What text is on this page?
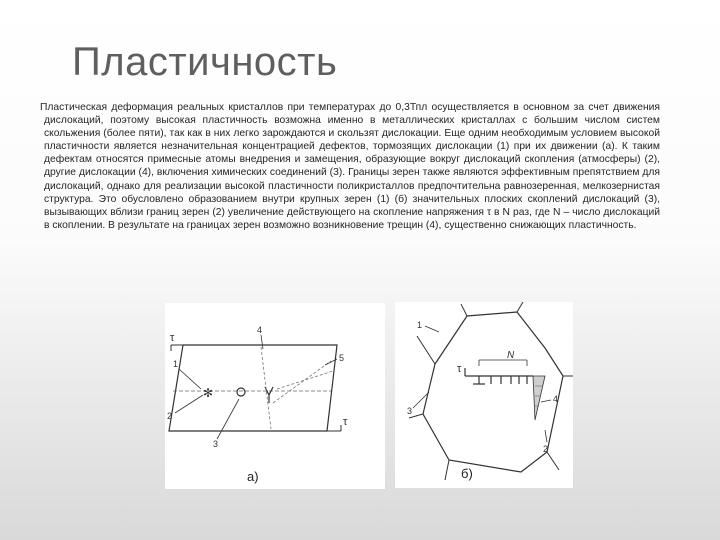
Пластичность

Пластическая деформация реальных кристаллов при температурах до 0,3Тпл осуществляется в основном за счет движения дислокаций, поэтому высокая пластичность возможна именно в металлических кристаллах с большим числом систем скольжения (более пяти), так как в них легко зарождаются и скользят дислокации. Еще одним необходимым условием высокой пластичности является незначительная концентрацией дефектов, тормозящих дислокации (1) при их движении (а). К таким дефектам относятся примесные атомы внедрения и замещения, образующие вокруг дислокаций скопления (атмосферы) (2), другие дислокации (4), включения химических соединений (3). Границы зерен также являются эффективным препятствием для дислокаций, однако для реализации высокой пластичности поликристаллов предпочтительна равнозеренная, мелкозернистая структура. Это обусловлено образованием внутри крупных зерен (1) (б) значительных плоских скоплений дислокаций (3), вызывающих вблизи границ зерен (2) увеличение действующего на скопление напряжения τ в N раз, где N – число дислокаций в скоплении. В результате на границах зерен возможно возникновение трещин (4), существенно снижающих пластичность.

τ
τ
✻
1
2
3
4
5
а)
N
τ
1
2
3
4
б)
